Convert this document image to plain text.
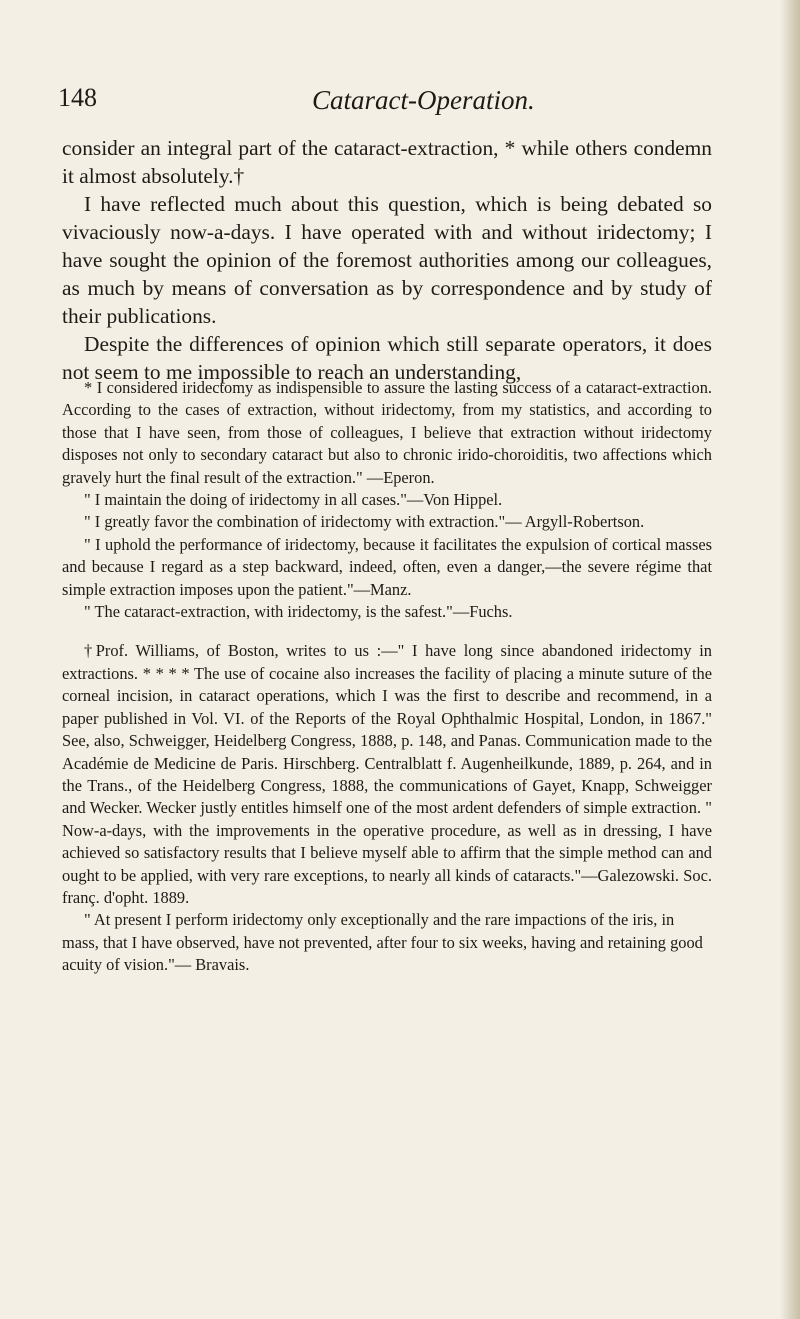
148	Cataract-Operation.

consider an integral part of the cataract-extraction, * while others condemn it almost absolutely.†

I have reflected much about this question, which is being debated so vivaciously now-a-days. I have operated with and without iridectomy; I have sought the opinion of the foremost authorities among our colleagues, as much by means of conversation as by correspondence and by study of their publications.

Despite the differences of opinion which still separate operators, it does not seem to me impossible to reach an understanding,

* I considered iridectomy as indispensible to assure the lasting success of a cataract-extraction. According to the cases of extraction, without iridectomy, from my statistics, and according to those that I have seen, from those of colleagues, I believe that extraction without iridectomy disposes not only to secondary cataract but also to chronic irido-choroiditis, two affections which gravely hurt the final result of the extraction." —Eperon.

" I maintain the doing of iridectomy in all cases."—Von Hippel.

" I greatly favor the combination of iridectomy with extraction."— Argyll-Robertson.

" I uphold the performance of iridectomy, because it facilitates the expulsion of cortical masses and because I regard as a step backward, indeed, often, even a danger,—the severe régime that simple extraction imposes upon the patient."—Manz.

" The cataract-extraction, with iridectomy, is the safest."—Fuchs.

†Prof. Williams, of Boston, writes to us :—" I have long since abandoned iridectomy in extractions. * * * * The use of cocaine also increases the facility of placing a minute suture of the corneal incision, in cataract operations, which I was the first to describe and recommend, in a paper published in Vol. VI. of the Reports of the Royal Ophthalmic Hospital, London, in 1867." See, also, Schweigger, Heidelberg Congress, 1888, p. 148, and Panas. Communication made to the Académie de Medicine de Paris. Hirschberg. Centralblatt f. Augenheilkunde, 1889, p. 264, and in the Trans., of the Heidelberg Congress, 1888, the communications of Gayet, Knapp, Schweigger and Wecker. Wecker justly entitles himself one of the most ardent defenders of simple extraction. " Now-a-days, with the improvements in the operative procedure, as well as in dressing, I have achieved so satisfactory results that I believe myself able to affirm that the simple method can and ought to be applied, with very rare exceptions, to nearly all kinds of cataracts."—Galezowski. Soc. franç. d'opht. 1889.

" At present I perform iridectomy only exceptionally and the rare impactions of the iris, in mass, that I have observed, have not prevented, after four to six weeks, having and retaining good acuity of vision."— Bravais.
